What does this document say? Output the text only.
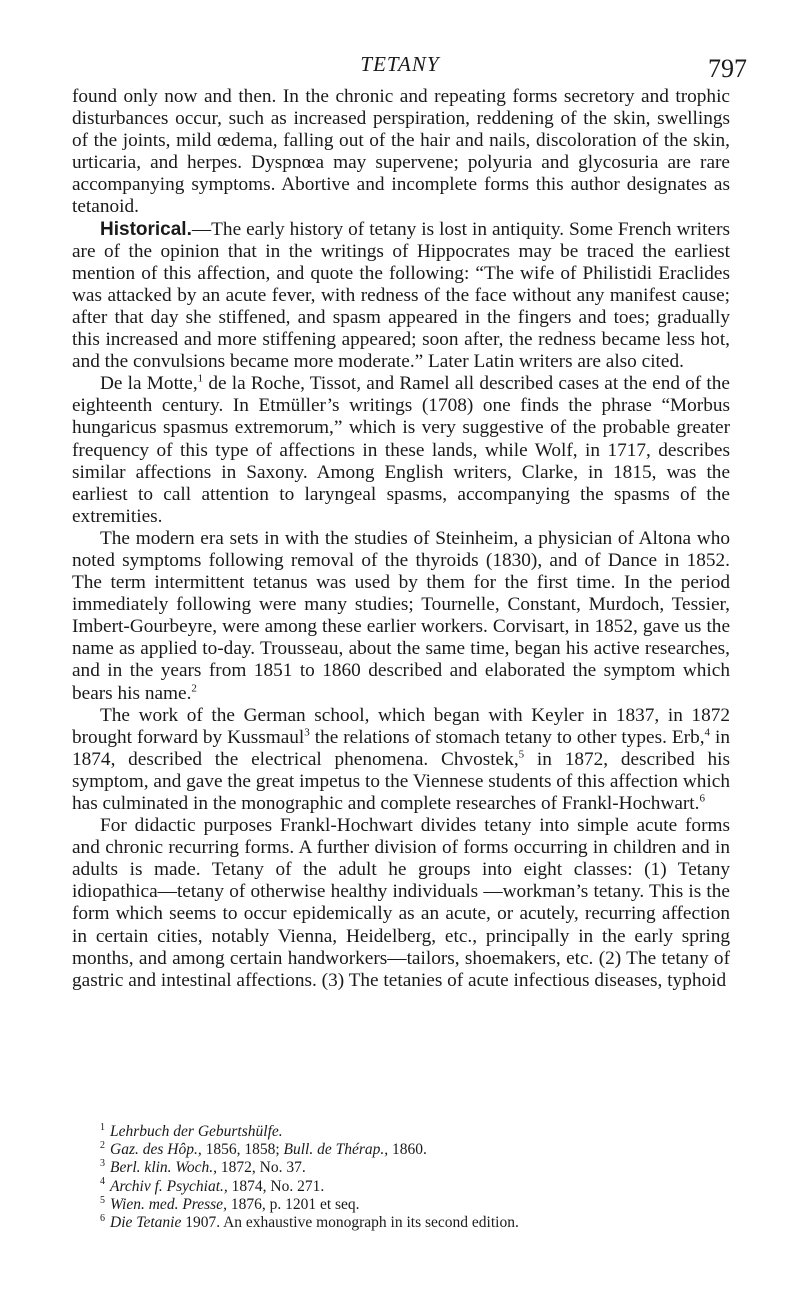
TETANY	797

found only now and then. In the chronic and repeating forms secretory and trophic disturbances occur, such as increased perspiration, reddening of the skin, swellings of the joints, mild œdema, falling out of the hair and nails, discoloration of the skin, urticaria, and herpes. Dyspnœa may supervene; polyuria and glycosuria are rare accompanying symptoms. Abortive and incomplete forms this author designates as tetanoid.

Historical.—The early history of tetany is lost in antiquity. Some French writers are of the opinion that in the writings of Hippocrates may be traced the earliest mention of this affection, and quote the following: “The wife of Philistidi Eraclides was attacked by an acute fever, with redness of the face without any manifest cause; after that day she stiffened, and spasm appeared in the fingers and toes; gradually this increased and more stiffening appeared; soon after, the redness became less hot, and the convulsions became more moderate.” Later Latin writers are also cited.

De la Motte,$^1$ de la Roche, Tissot, and Ramel all described cases at the end of the eighteenth century. In Etmüller’s writings (1708) one finds the phrase “Morbus hungaricus spasmus extremorum,” which is very suggestive of the probable greater frequency of this type of affections in these lands, while Wolf, in 1717, describes similar affections in Saxony. Among English writers, Clarke, in 1815, was the earliest to call attention to laryngeal spasms, accompanying the spasms of the extremities.

The modern era sets in with the studies of Steinheim, a physician of Altona who noted symptoms following removal of the thyroids (1830), and of Dance in 1852. The term intermittent tetanus was used by them for the first time. In the period immediately following were many studies; Tournelle, Constant, Murdoch, Tessier, Imbert-Gourbeyre, were among these earlier workers. Corvisart, in 1852, gave us the name as applied to-day. Trousseau, about the same time, began his active researches, and in the years from 1851 to 1860 described and elaborated the symptom which bears his name.$^2$

The work of the German school, which began with Keyler in 1837, in 1872 brought forward by Kussmaul$^3$ the relations of stomach tetany to other types. Erb,$^4$ in 1874, described the electrical phenomena. Chvostek,$^5$ in 1872, described his symptom, and gave the great impetus to the Viennese students of this affection which has culminated in the monographic and complete researches of Frankl-Hochwart.$^6$

For didactic purposes Frankl-Hochwart divides tetany into simple acute forms and chronic recurring forms. A further division of forms occurring in children and in adults is made. Tetany of the adult he groups into eight classes: (1) Tetany idiopathica—tetany of otherwise healthy individuals —workman’s tetany. This is the form which seems to occur epidemically as an acute, or acutely, recurring affection in certain cities, notably Vienna, Heidelberg, etc., principally in the early spring months, and among certain handworkers—tailors, shoemakers, etc. (2) The tetany of gastric and intestinal affections. (3) The tetanies of acute infectious diseases, typhoid

$^1$ Lehrbuch der Geburtshülfe.
$^2$ Gaz. des Hôp., 1856, 1858; Bull. de Thérap., 1860.
$^3$ Berl. klin. Woch., 1872, No. 37.
$^4$ Archiv f. Psychiat., 1874, No. 271.
$^5$ Wien. med. Presse, 1876, p. 1201 et seq.
$^6$ Die Tetanie 1907. An exhaustive monograph in its second edition.
